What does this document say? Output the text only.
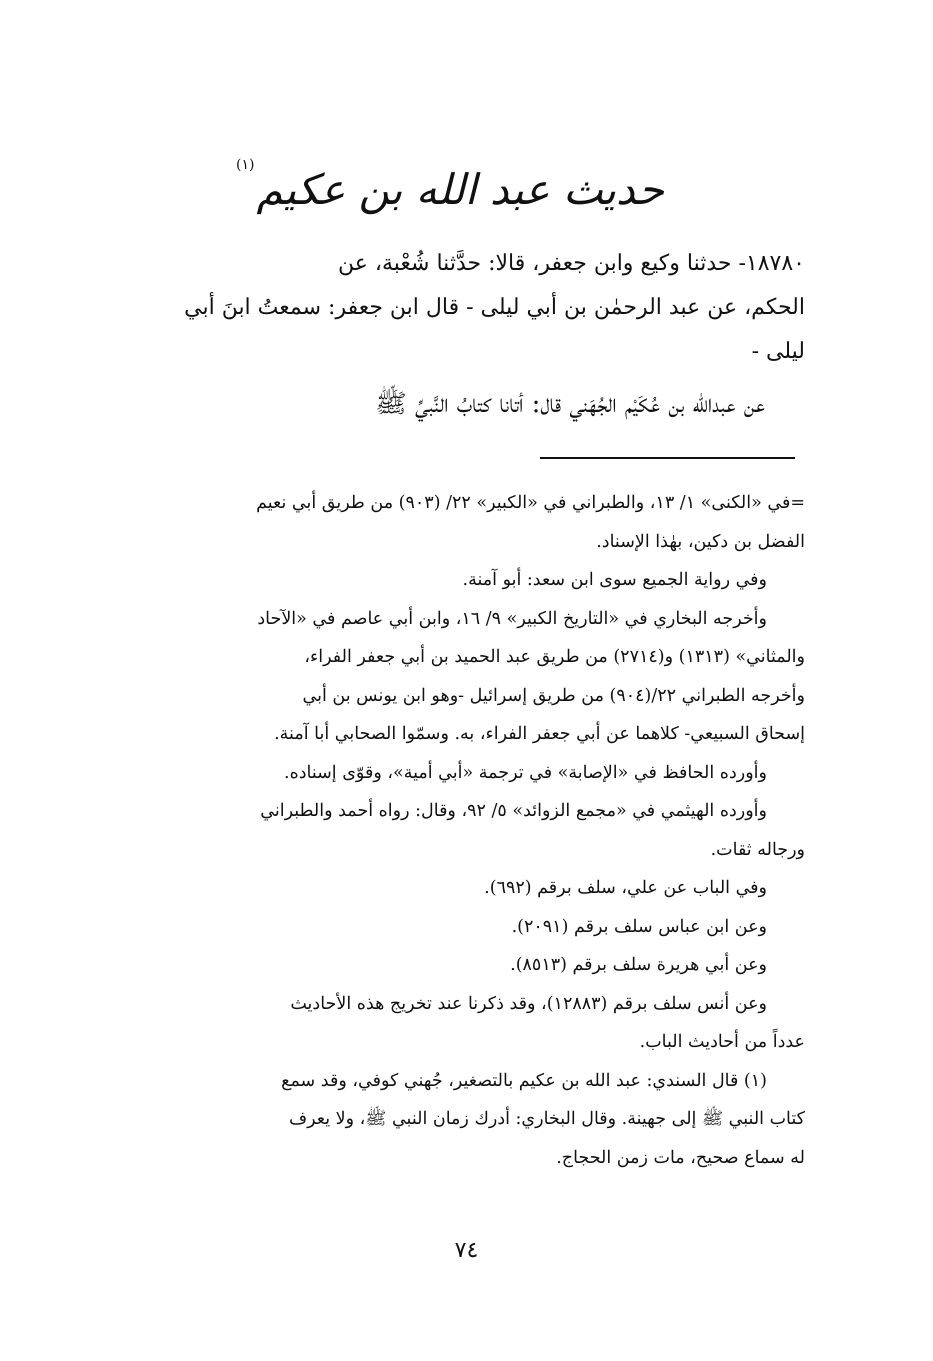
حديث عبد الله بن عكيم$^{(١)}$
١٨٧٨٠- حدثنا وكيع وابن جعفر، قالا: حدَّثنا شُعْبة، عن
الحكم، عن عبد الرحمٰن بن أبي ليلى - قال ابن جعفر: سمعتُ ابنَ أبي
ليلى -
عن عبدالله بن عُكَيْم الجُهَني قال: أتانا كتابُ النَّبيِّ ﷺ
=في «الكنى» ١/ ١٣، والطبراني في «الكبير» ٢٢/ (٩٠٣) من طريق أبي نعيم
الفضل بن دكين، بهٰذا الإسناد.
وفي رواية الجميع سوى ابن سعد: أبو آمنة.
وأخرجه البخاري في «التاريخ الكبير» ٩/ ١٦، وابن أبي عاصم في «الآحاد
والمثاني» (١٣١٣) و(٢٧١٤) من طريق عبد الحميد بن أبي جعفر الفراء،
وأخرجه الطبراني ٢٢/(٩٠٤) من طريق إسرائيل -وهو ابن يونس بن أبي
إسحاق السبيعي- كلاهما عن أبي جعفر الفراء، به. وسمّوا الصحابي أبا آمنة.
وأورده الحافظ في «الإصابة» في ترجمة «أبي أمية»، وقوّى إسناده.
وأورده الهيثمي في «مجمع الزوائد» ٥/ ٩٢، وقال: رواه أحمد والطبراني
ورجاله ثقات.
وفي الباب عن علي، سلف برقم (٦٩٢).
وعن ابن عباس سلف برقم (٢٠٩١).
وعن أبي هريرة سلف برقم (٨٥١٣).
وعن أنس سلف برقم (١٢٨٨٣)، وقد ذكرنا عند تخريج هذه الأحاديث
عدداً من أحاديث الباب.
(١) قال السندي: عبد الله بن عكيم بالتصغير، جُهني كوفي، وقد سمع
كتاب النبي ﷺ إلى جهينة. وقال البخاري: أدرك زمان النبي ﷺ، ولا يعرف
له سماع صحيح، مات زمن الحجاج.
٧٤
